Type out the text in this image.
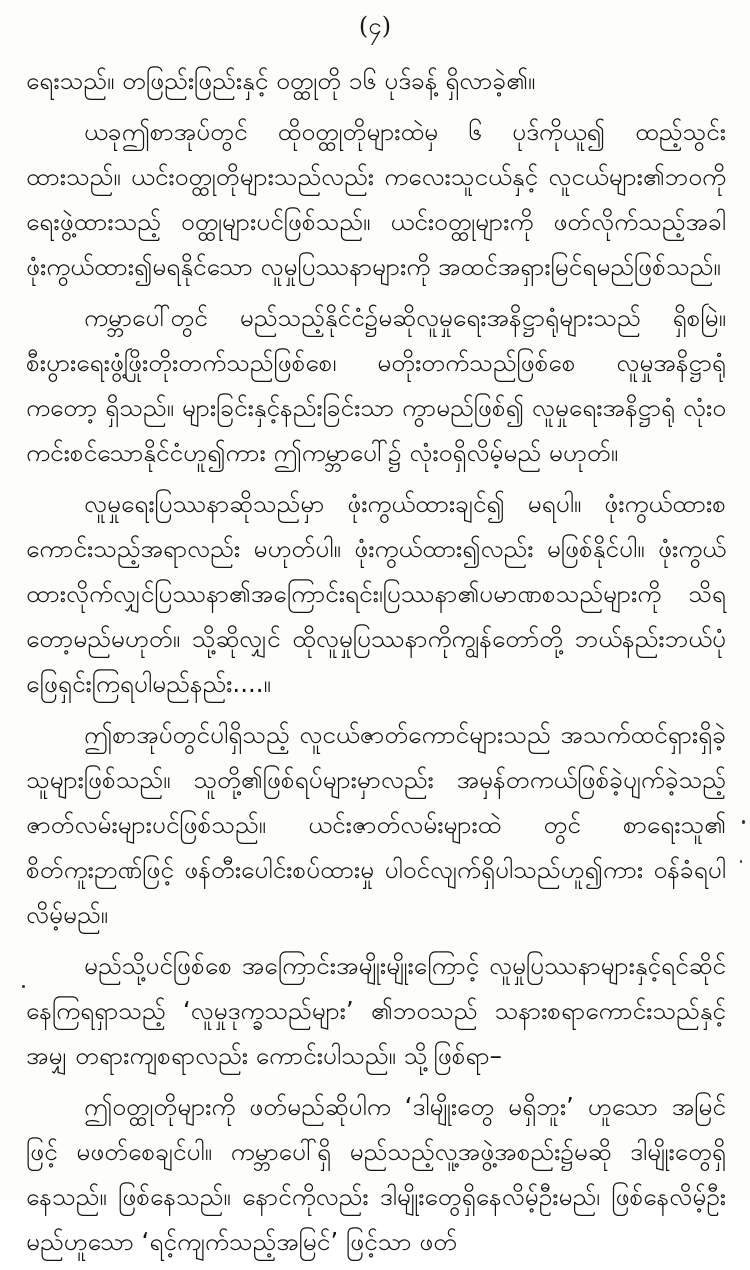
(၄)

ရေးသည်။ တဖြည်းဖြည်းနှင့် ဝတ္ထုတို ၁၆ ပုဒ်ခန့် ရှိလာခဲ့၏။

ယခုဤစာအုပ်တွင် ထိုဝတ္ထုတိုများထဲမှ ၆ ပုဒ်ကိုယူ၍ ထည့်သွင်းထားသည်။ ယင်းဝတ္ထုတိုများသည်လည်း ကလေးသူငယ်နှင့် လူငယ်များ၏ဘဝကို ရေးဖွဲ့ထားသည့် ဝတ္ထုများပင်ဖြစ်သည်။ ယင်းဝတ္ထုများကို ဖတ်လိုက်သည့်အခါ ဖုံးကွယ်ထား၍မရနိုင်သော လူမှုပြဿနာများကို အထင်အရှားမြင်ရမည်ဖြစ်သည်။

ကမ္ဘာပေါ်တွင် မည်သည့်နိုင်ငံ၌မဆိုလူမှုရေးအနိဋ္ဌာရုံများသည် ရှိစမြဲ။ စီးပွားရေးဖွံ့ဖြိုးတိုးတက်သည်ဖြစ်စေ၊ မတိုးတက်သည်ဖြစ်စေ လူမှုအနိဋ္ဌာရုံကတော့ ရှိသည်။ များခြင်းနှင့်နည်းခြင်းသာ ကွာမည်ဖြစ်၍ လူမှုရေးအနိဋ္ဌာရုံ လုံးဝကင်းစင်သောနိုင်ငံဟူ၍ကား ဤကမ္ဘာပေါ်၌ လုံးဝရှိလိမ့်မည် မဟုတ်။

လူမှုရေးပြဿနာဆိုသည်မှာ ဖုံးကွယ်ထားချင်၍ မရပါ။ ဖုံးကွယ်ထားစကောင်းသည့်အရာလည်း မဟုတ်ပါ။ ဖုံးကွယ်ထား၍လည်း မဖြစ်နိုင်ပါ။ ဖုံးကွယ်ထားလိုက်လျှင်ပြဿနာ၏အကြောင်းရင်း၊ပြဿနာ၏ပမာဏစသည်များကို သိရတော့မည်မဟုတ်။ သို့ဆိုလျှင် ထိုလူမှုပြဿနာကိုကျွန်တော်တို့ ဘယ်နည်းဘယ်ပုံဖြေရှင်းကြရပါမည်နည်း....။

ဤစာအုပ်တွင်ပါရှိသည့် လူငယ်ဇာတ်ကောင်များသည် အသက်ထင်ရှားရှိခဲ့သူများဖြစ်သည်။ သူတို့၏ဖြစ်ရပ်များမှာလည်း အမှန်တကယ်ဖြစ်ခဲ့ပျက်ခဲ့သည့် ဇာတ်လမ်းများပင်ဖြစ်သည်။ ယင်းဇာတ်လမ်းများထဲ တွင် စာရေးသူ၏ စိတ်ကူးဉာဏ်ဖြင့် ဖန်တီးပေါင်းစပ်ထားမှု ပါဝင်လျက်ရှိပါသည်ဟူ၍ကား ဝန်ခံရပါလိမ့်မည်။

မည်သို့ပင်ဖြစ်စေ အကြောင်းအမျိုးမျိုးကြောင့် လူမှုပြဿနာများနှင့်ရင်ဆိုင်နေကြရရှာသည့် ‘လူမှုဒုက္ခသည်များ’ ၏ဘဝသည် သနားစရာကောင်းသည်နှင့်အမျှ တရားကျစရာလည်း ကောင်းပါသည်။ သို့ဖြစ်ရာ–

ဤဝတ္ထုတိုများကို ဖတ်မည်ဆိုပါက ‘ဒါမျိုးတွေ မရှိဘူး’ ဟူသော အမြင်ဖြင့် မဖတ်စေချင်ပါ။ ကမ္ဘာပေါ်ရှိ မည်သည့်လူ့အဖွဲ့အစည်း၌မဆို ဒါမျိုးတွေရှိနေသည်။ ဖြစ်နေသည်။ နောင်ကိုလည်း ဒါမျိုးတွေရှိနေလိမ့်ဦးမည်၊ ဖြစ်နေလိမ့်ဦးမည်ဟူသော ‘ရင့်ကျက်သည့်အမြင်’ ဖြင့်သာ ဖတ်
